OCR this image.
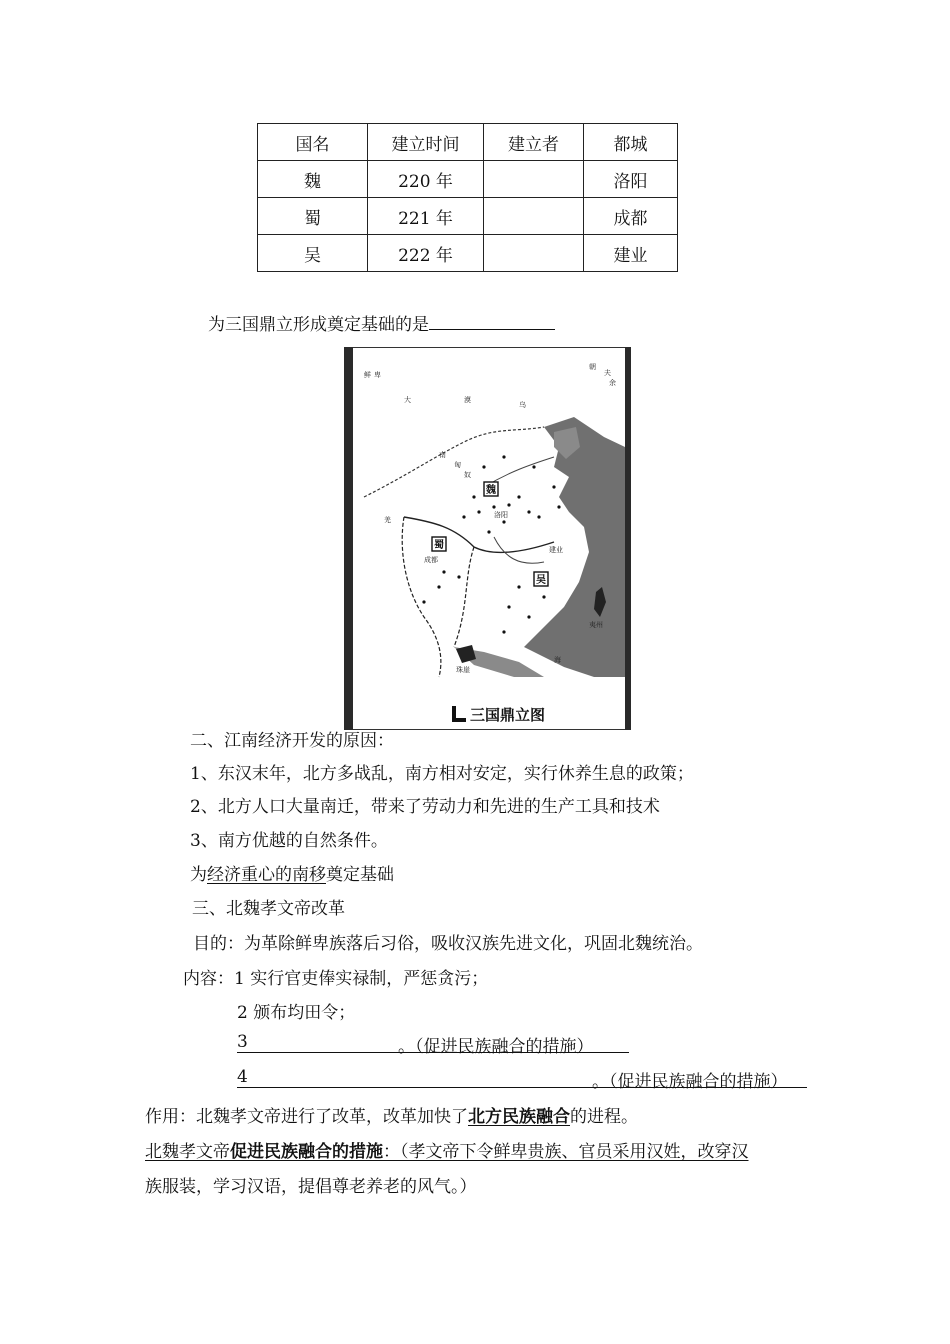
国名	建立时间	建立者	都城
魏	220 年		洛阳
蜀	221 年		成都
吴	222 年		建业
为三国鼎立形成奠定基础的是
魏
蜀
吴
大	漠
鲜 卑
乌
夫
余
朝
羌
南
匈
奴
洛阳
成都
建业
夷州
珠崖
海
三国鼎立图
二、江南经济开发的原因：
1、东汉末年，北方多战乱，南方相对安定，实行休养生息的政策；
2、北方人口大量南迁，带来了劳动力和先进的生产工具和技术
3、南方优越的自然条件。
为经济重心的南移奠定基础
三、北魏孝文帝改革
目的：为革除鲜卑族落后习俗，吸收汉族先进文化，巩固北魏统治。
内容：1 实行官吏俸实禄制，严惩贪污；
2 颁布均田令；
3	。（促进民族融合的措施）
4	。（促进民族融合的措施）
作用：北魏孝文帝进行了改革，改革加快了北方民族融合的进程。
北魏孝文帝促进民族融合的措施：（孝文帝下令鲜卑贵族、官员采用汉姓，改穿汉
族服装，学习汉语，提倡尊老养老的风气。）
